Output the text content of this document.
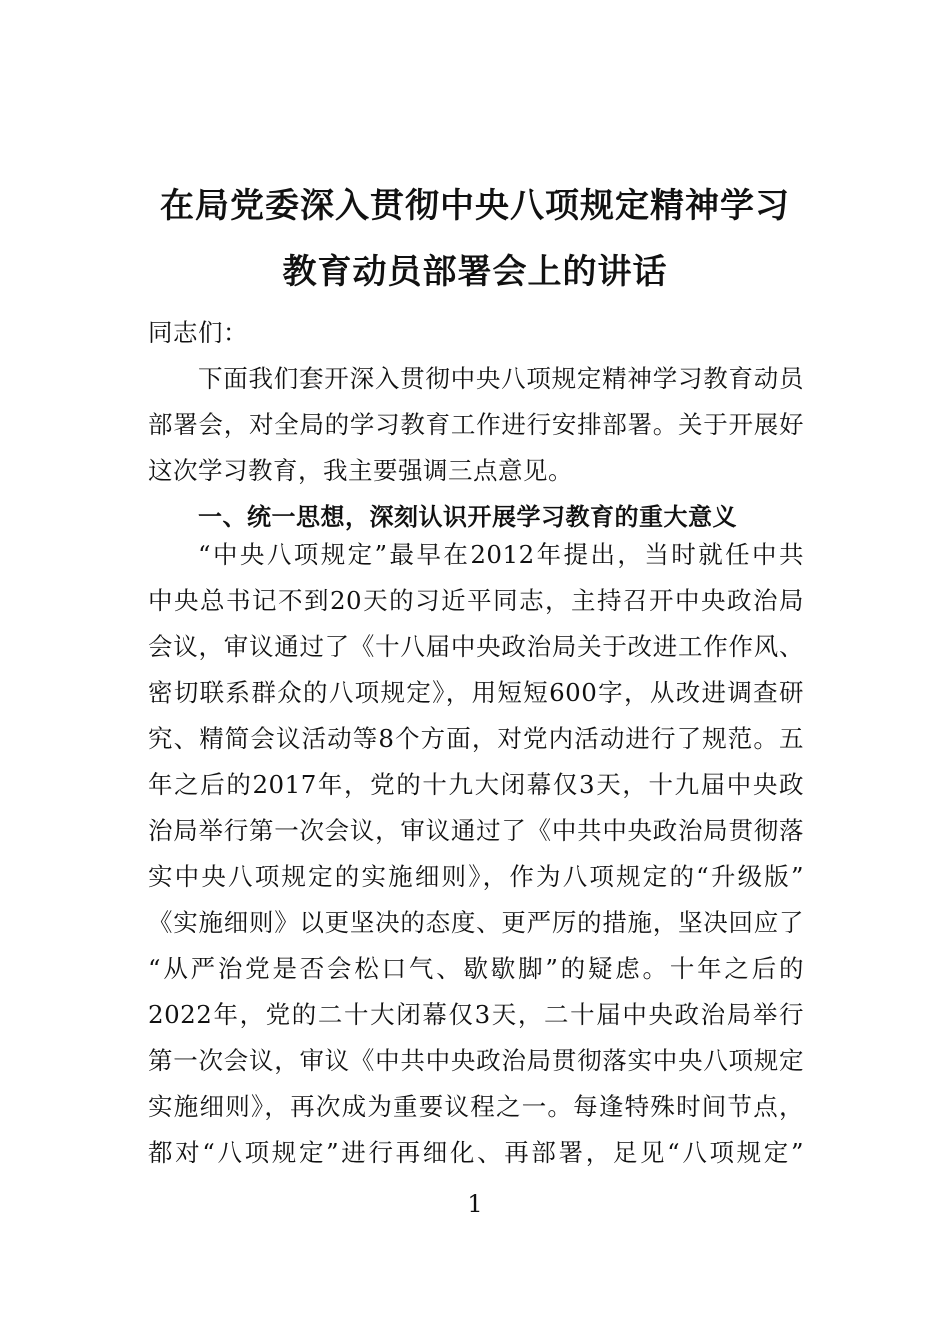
在局党委深入贯彻中央八项规定精神学习
教育动员部署会上的讲话
同志们：
下面我们套开深入贯彻中央八项规定精神学习教育动员
部署会，对全局的学习教育工作进行安排部署。关于开展好
这次学习教育，我主要强调三点意见。
一、统一思想，深刻认识开展学习教育的重大意义
“中央八项规定”最早在2012年提出，当时就任中共
中央总书记不到20天的习近平同志，主持召开中央政治局
会议，审议通过了《十八届中央政治局关于改进工作作风、
密切联系群众的八项规定》，用短短600字，从改进调查研
究、精简会议活动等8个方面，对党内活动进行了规范。五
年之后的2017年，党的十九大闭幕仅3天，十九届中央政
治局举行第一次会议，审议通过了《中共中央政治局贯彻落
实中央八项规定的实施细则》，作为八项规定的“升级版”
《实施细则》以更坚决的态度、更严厉的措施，坚决回应了
“从严治党是否会松口气、歇歇脚”的疑虑。十年之后的
2022年，党的二十大闭幕仅3天，二十届中央政治局举行
第一次会议，审议《中共中央政治局贯彻落实中央八项规定
实施细则》，再次成为重要议程之一。每逢特殊时间节点，
都对“八项规定”进行再细化、再部署，足见“八项规定”
1
